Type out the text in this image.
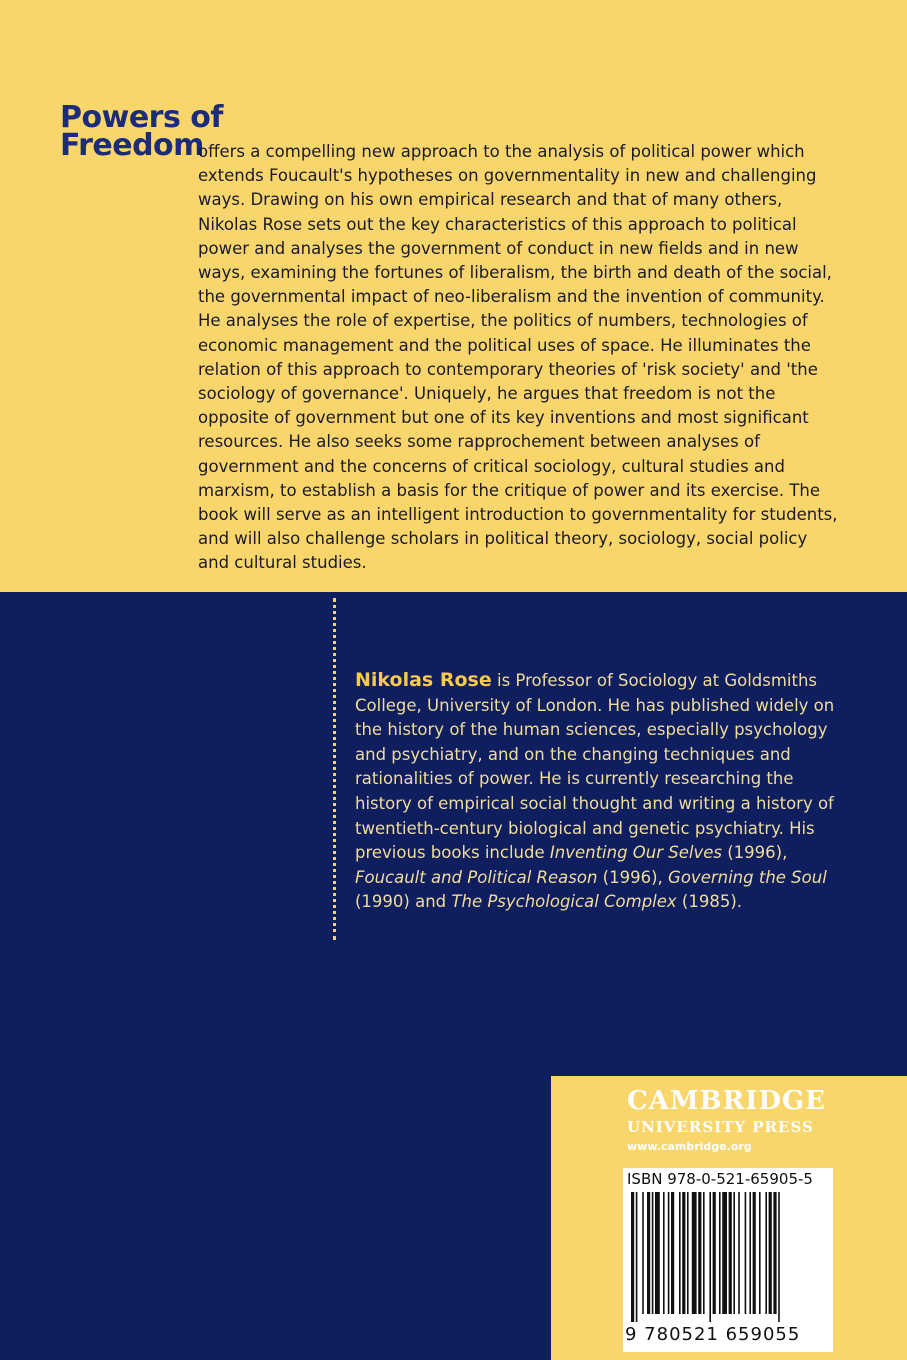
Powers of
Freedom

offers a compelling new approach to the analysis of political power which extends Foucault's hypotheses on governmentality in new and challenging ways. Drawing on his own empirical research and that of many others, Nikolas Rose sets out the key characteristics of this approach to political power and analyses the government of conduct in new fields and in new ways, examining the fortunes of liberalism, the birth and death of the social, the governmental impact of neo-liberalism and the invention of community. He analyses the role of expertise, the politics of numbers, technologies of economic management and the political uses of space. He illuminates the relation of this approach to contemporary theories of 'risk society' and 'the sociology of governance'. Uniquely, he argues that freedom is not the opposite of government but one of its key inventions and most significant resources. He also seeks some rapprochement between analyses of government and the concerns of critical sociology, cultural studies and marxism, to establish a basis for the critique of power and its exercise. The book will serve as an intelligent introduction to governmentality for students, and will also challenge scholars in political theory, sociology, social policy and cultural studies.

Nikolas Rose is Professor of Sociology at Goldsmiths College, University of London. He has published widely on the history of the human sciences, especially psychology and psychiatry, and on the changing techniques and rationalities of power. He is currently researching the history of empirical social thought and writing a history of twentieth-century biological and genetic psychiatry. His previous books include Inventing Our Selves (1996), Foucault and Political Reason (1996), Governing the Soul (1990) and The Psychological Complex (1985).

CAMBRIDGE

UNIVERSITY PRESS

www.cambridge.org

ISBN 978-0-521-65905-5

9 780521 659055
